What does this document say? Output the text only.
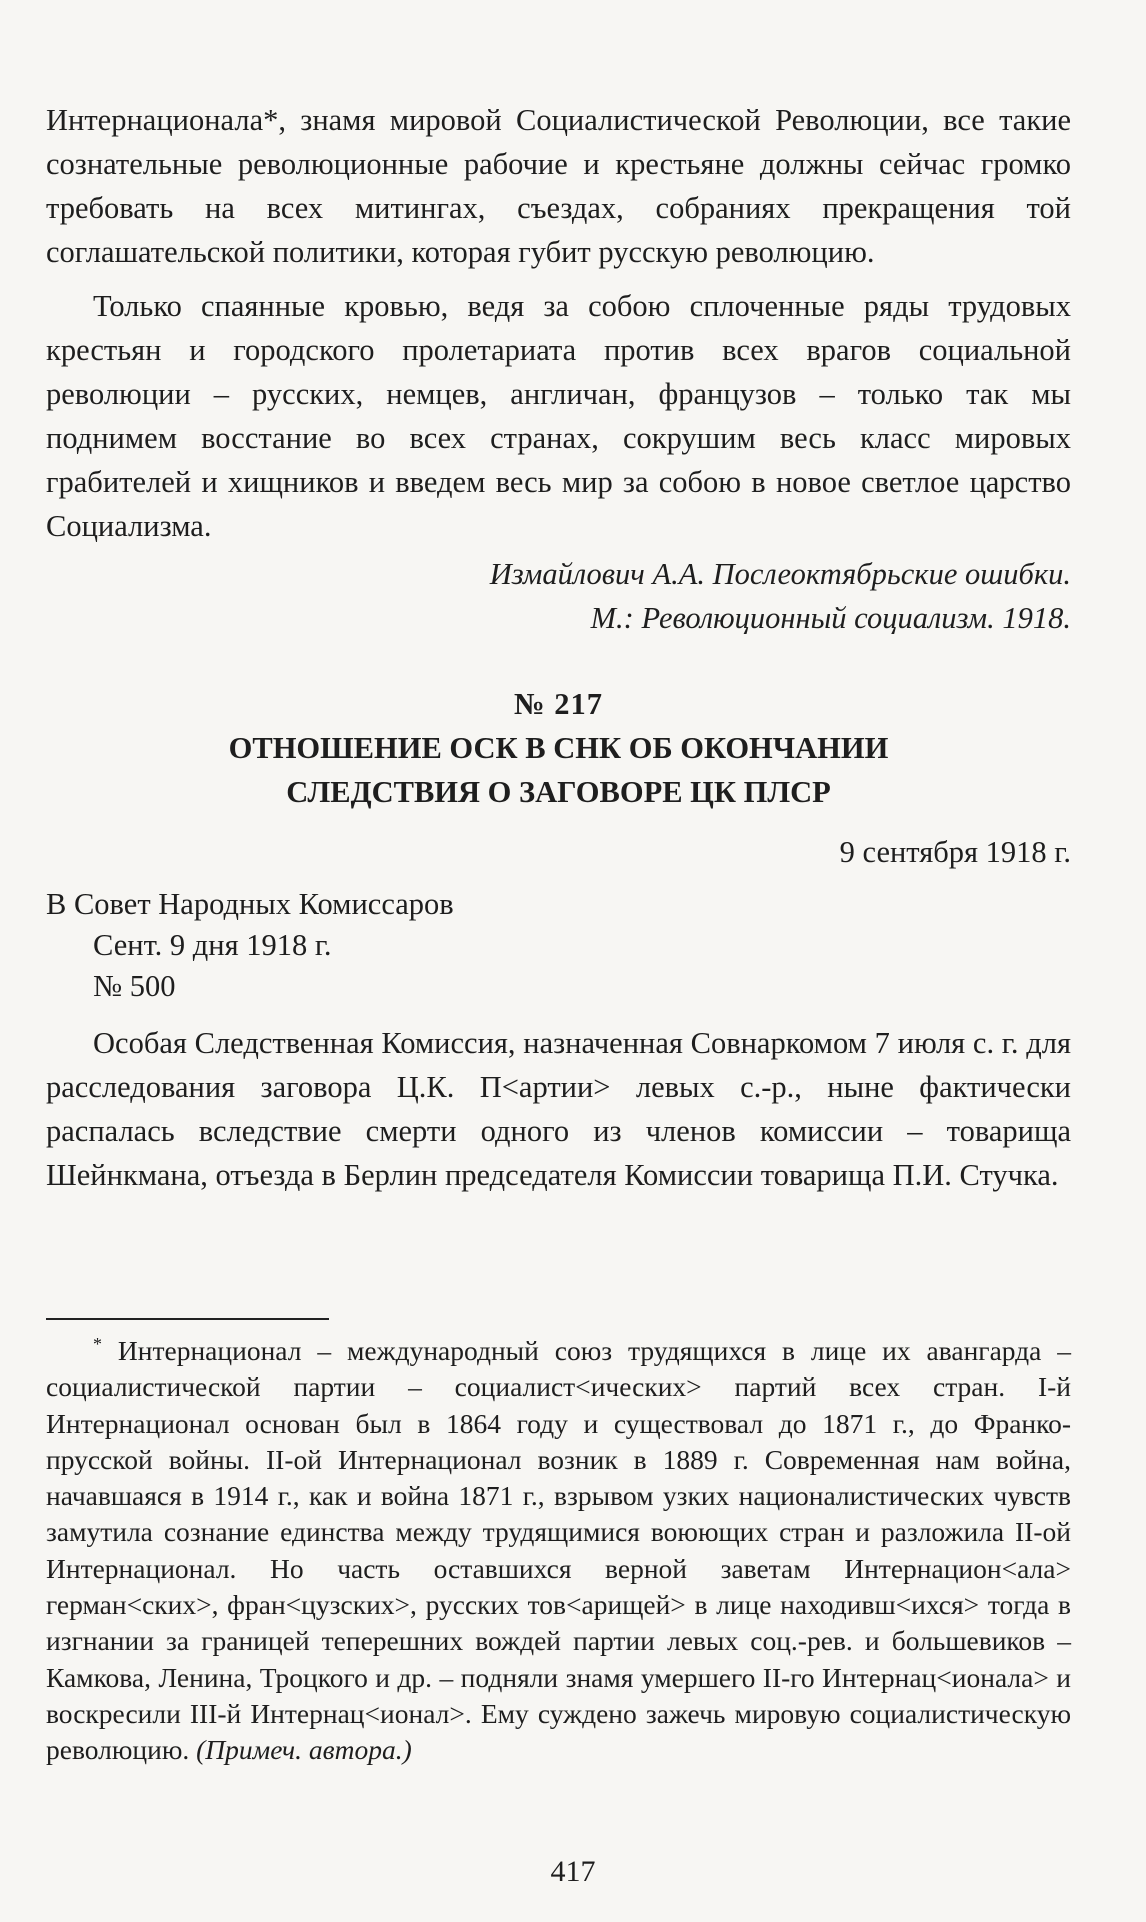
Интернационала*, знамя мировой Социалистической Революции, все такие сознательные революционные рабочие и крестьяне должны сейчас громко требовать на всех митингах, съездах, собраниях прекращения той соглашательской политики, которая губит русскую революцию.

Только спаянные кровью, ведя за собою сплоченные ряды трудовых крестьян и городского пролетариата против всех врагов социальной революции – русских, немцев, англичан, французов – только так мы поднимем восстание во всех странах, сокрушим весь класс мировых грабителей и хищников и введем весь мир за собою в новое светлое царство Социализма.

Измайлович А.А. Послеоктябрьские ошибки.
М.: Революционный социализм. 1918.

№ 217

ОТНОШЕНИЕ ОСК В СНК ОБ ОКОНЧАНИИ

СЛЕДСТВИЯ О ЗАГОВОРЕ ЦК ПЛСР

9 сентября 1918 г.

В Совет Народных Комиссаров
Сент. 9 дня 1918 г.
№ 500

Особая Следственная Комиссия, назначенная Совнаркомом 7 июля с. г. для расследования заговора Ц.К. П<артии> левых с.-р., ныне фактически распалась вследствие смерти одного из членов комиссии – товарища Шейнкмана, отъезда в Берлин председателя Комиссии товарища П.И. Стучка.

* Интернационал – международный союз трудящихся в лице их авангарда – социалистической партии – социалист<ических> партий всех стран. I-й Интернационал основан был в 1864 году и существовал до 1871 г., до Франко-прусской войны. II-ой Интернационал возник в 1889 г. Современная нам война, начавшаяся в 1914 г., как и война 1871 г., взрывом узких националистических чувств замутила сознание единства между трудящимися воюющих стран и разложила II-ой Интернационал. Но часть оставшихся верной заветам Интернацион<ала> герман<ских>, фран<цузских>, русских тов<арищей> в лице находивш<ихся> тогда в изгнании за границей теперешних вождей партии левых соц.-рев. и большевиков – Камкова, Ленина, Троцкого и др. – подняли знамя умершего II-го Интернац<ионала> и воскресили III-й Интернац<ионал>. Ему суждено зажечь мировую социалистическую революцию. (Примеч. автора.)

417
